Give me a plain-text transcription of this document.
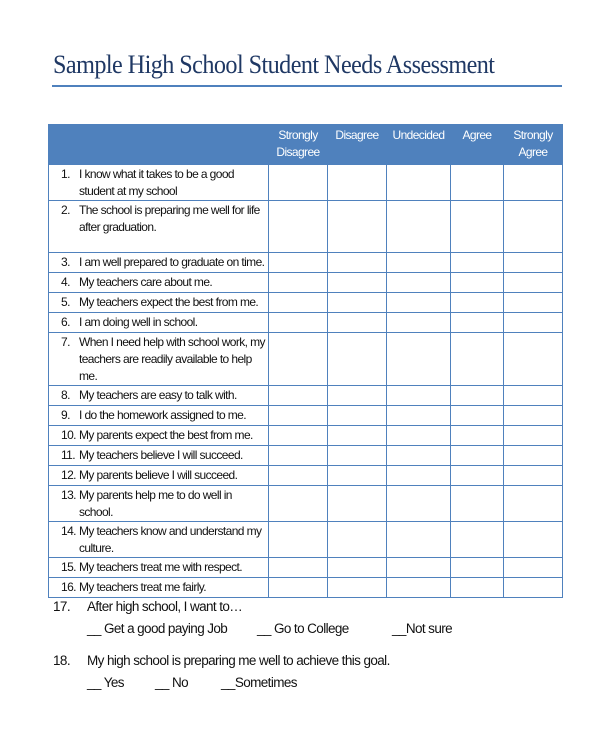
Sample High School Student Needs Assessment
	Strongly Disagree	Disagree	Undecided	Agree	Strongly Agree

1. I know what it takes to be a good student at my school					

2. The school is preparing me well for life after graduation.					

3. I am well prepared to graduate on time.					

4. My teachers care about me.					

5. My teachers expect the best from me.					

6. I am doing well in school.					

7. When I need help with school work, my teachers are readily available to help me.					

8. My teachers are easy to talk with.					

9. I do the homework assigned to me.					

10. My parents expect the best from me.					

11. My teachers believe I will succeed.					

12. My parents believe I will succeed.					

13. My parents help me to do well in school.					

14. My teachers know and understand my culture.					

15. My teachers treat me with respect.					

16. My teachers treat me fairly.					

17. After high school, I want to…
__ Get a good paying Job __ Go to College	__Not sure
18. My high school is preparing me well to achieve this goal.
__ Yes __ No __Sometimes
